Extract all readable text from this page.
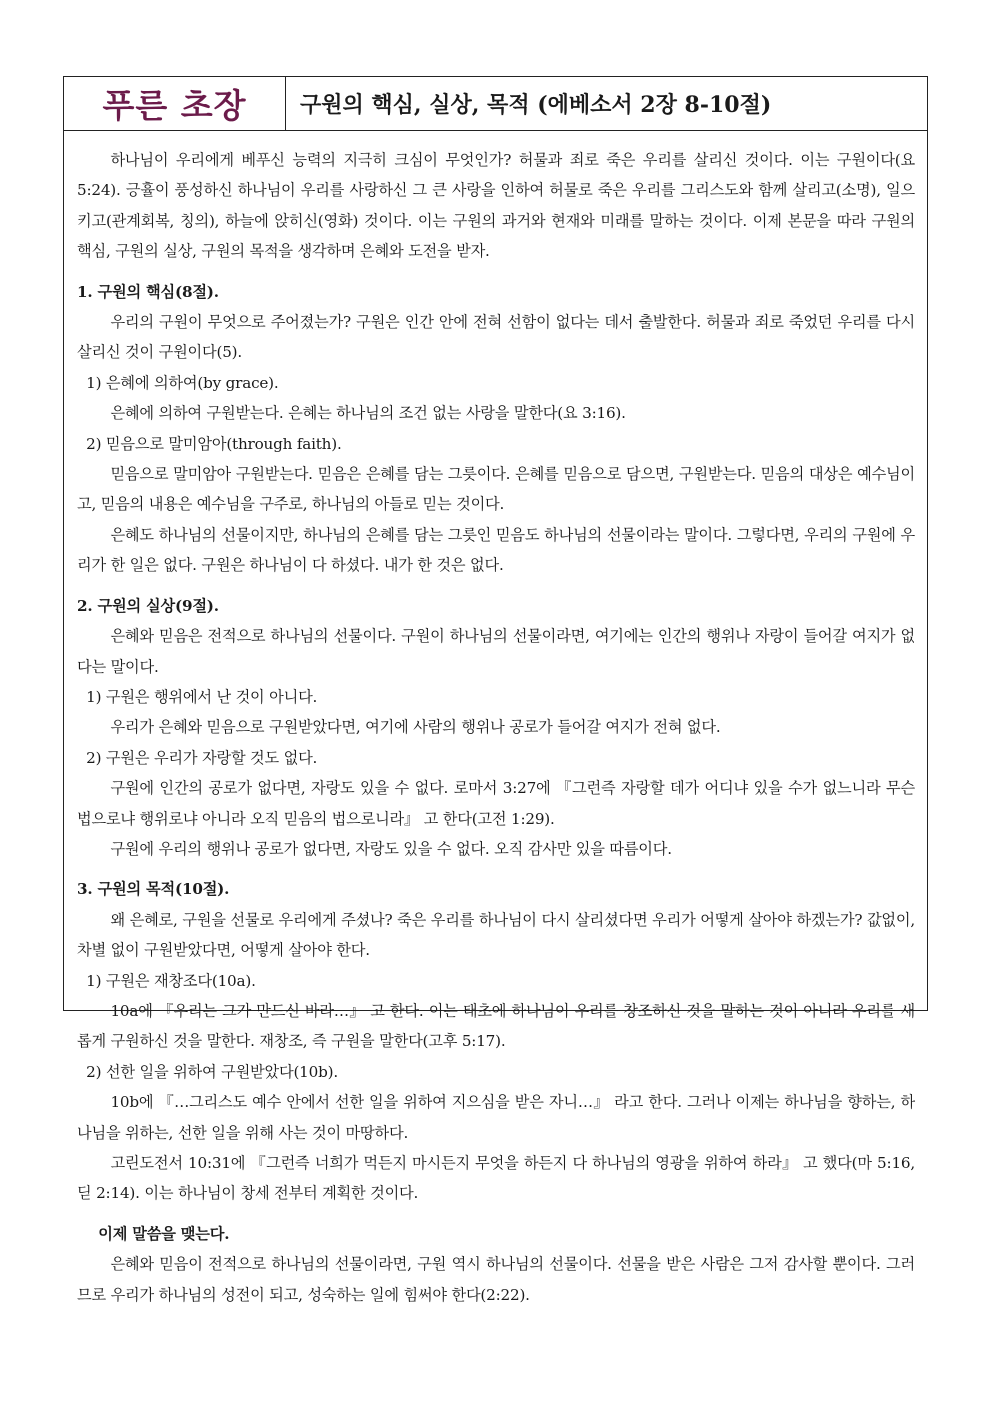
푸른 초장	구원의 핵심, 실상, 목적 (에베소서 2장 8-10절)

하나님이 우리에게 베푸신 능력의 지극히 크심이 무엇인가? 허물과 죄로 죽은 우리를 살리신 것이다. 이는 구원이다(요 5:24). 긍휼이 풍성하신 하나님이 우리를 사랑하신 그 큰 사랑을 인하여 허물로 죽은 우리를 그리스도와 함께 살리고(소명), 일으키고(관계회복, 칭의), 하늘에 앉히신(영화) 것이다. 이는 구원의 과거와 현재와 미래를 말하는 것이다. 이제 본문을 따라 구원의 핵심, 구원의 실상, 구원의 목적을 생각하며 은혜와 도전을 받자.

1. 구원의 핵심(8절).

우리의 구원이 무엇으로 주어졌는가? 구원은 인간 안에 전혀 선함이 없다는 데서 출발한다. 허물과 죄로 죽었던 우리를 다시 살리신 것이 구원이다(5).

1) 은혜에 의하여(by grace).

은혜에 의하여 구원받는다. 은혜는 하나님의 조건 없는 사랑을 말한다(요 3:16).

2) 믿음으로 말미암아(through faith).

믿음으로 말미암아 구원받는다. 믿음은 은혜를 담는 그릇이다. 은혜를 믿음으로 담으면, 구원받는다. 믿음의 대상은 예수님이고, 믿음의 내용은 예수님을 구주로, 하나님의 아들로 믿는 것이다.

은혜도 하나님의 선물이지만, 하나님의 은혜를 담는 그릇인 믿음도 하나님의 선물이라는 말이다. 그렇다면, 우리의 구원에 우리가 한 일은 없다. 구원은 하나님이 다 하셨다. 내가 한 것은 없다.

2. 구원의 실상(9절).

은혜와 믿음은 전적으로 하나님의 선물이다. 구원이 하나님의 선물이라면, 여기에는 인간의 행위나 자랑이 들어갈 여지가 없다는 말이다.

1) 구원은 행위에서 난 것이 아니다.

우리가 은혜와 믿음으로 구원받았다면, 여기에 사람의 행위나 공로가 들어갈 여지가 전혀 없다.

2) 구원은 우리가 자랑할 것도 없다.

구원에 인간의 공로가 없다면, 자랑도 있을 수 없다. 로마서 3:27에 『그런즉 자랑할 데가 어디냐 있을 수가 없느니라 무슨 법으로냐 행위로냐 아니라 오직 믿음의 법으로니라』 고 한다(고전 1:29).

구원에 우리의 행위나 공로가 없다면, 자랑도 있을 수 없다. 오직 감사만 있을 따름이다.

3. 구원의 목적(10절).

왜 은혜로, 구원을 선물로 우리에게 주셨나? 죽은 우리를 하나님이 다시 살리셨다면 우리가 어떻게 살아야 하겠는가? 값없이, 차별 없이 구원받았다면, 어떻게 살아야 한다.

1) 구원은 재창조다(10a).

10a에 『우리는 그가 만드신 바라…』 고 한다. 이는 태초에 하나님이 우리를 창조하신 것을 말하는 것이 아니라 우리를 새롭게 구원하신 것을 말한다. 재창조, 즉 구원을 말한다(고후 5:17).

2) 선한 일을 위하여 구원받았다(10b).

10b에 『…그리스도 예수 안에서 선한 일을 위하여 지으심을 받은 자니…』 라고 한다. 그러나 이제는 하나님을 향하는, 하나님을 위하는, 선한 일을 위해 사는 것이 마땅하다.

고린도전서 10:31에 『그런즉 너희가 먹든지 마시든지 무엇을 하든지 다 하나님의 영광을 위하여 하라』 고 했다(마 5:16, 딛 2:14). 이는 하나님이 창세 전부터 계획한 것이다.

이제 말씀을 맺는다.

은혜와 믿음이 전적으로 하나님의 선물이라면, 구원 역시 하나님의 선물이다. 선물을 받은 사람은 그저 감사할 뿐이다. 그러므로 우리가 하나님의 성전이 되고, 성숙하는 일에 힘써야 한다(2:22).
